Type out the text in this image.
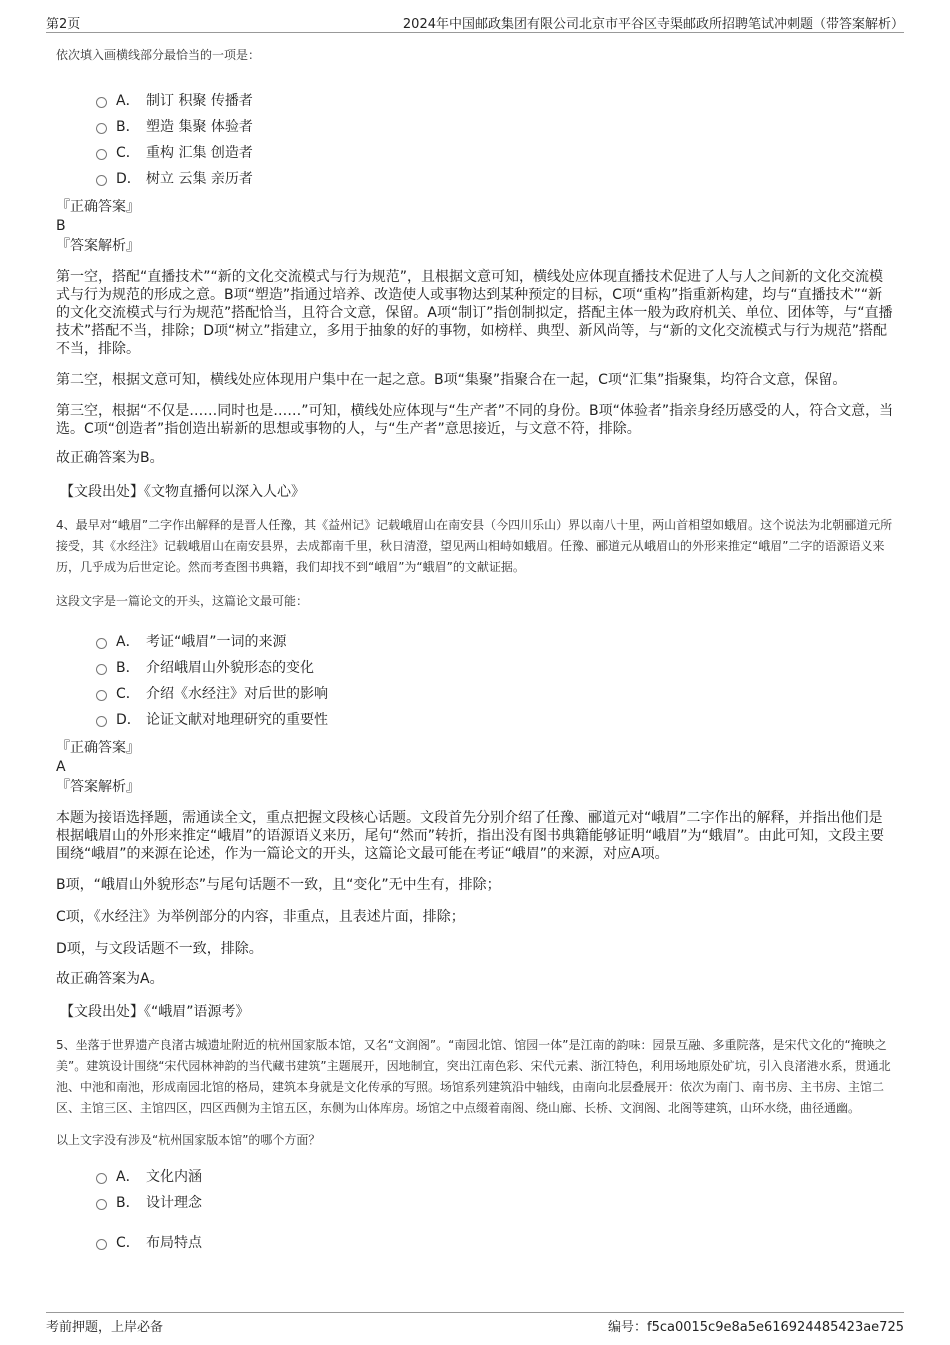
第2页	2024年中国邮政集团有限公司北京市平谷区寺渠邮政所招聘笔试冲刺题（带答案解析）

依次填入画横线部分最恰当的一项是：

A． 制订 积聚 传播者
B． 塑造 集聚 体验者
C． 重构 汇集 创造者
D． 树立 云集 亲历者

『正确答案』

B

『答案解析』

第一空，搭配“直播技术”“新的文化交流模式与行为规范”，且根据文意可知，横线处应体现直播技术促进了人与人之间新的文化交流模式与行为规范的形成之意。B项“塑造”指通过培养、改造使人或事物达到某种预定的目标，C项“重构”指重新构建，均与“直播技术”“新的文化交流模式与行为规范”搭配恰当，且符合文意，保留。A项“制订”指创制拟定，搭配主体一般为政府机关、单位、团体等，与“直播技术”搭配不当，排除；D项“树立”指建立，多用于抽象的好的事物，如榜样、典型、新风尚等，与“新的文化交流模式与行为规范”搭配不当，排除。

第二空，根据文意可知，横线处应体现用户集中在一起之意。B项“集聚”指聚合在一起，C项“汇集”指聚集，均符合文意，保留。

第三空，根据“不仅是……同时也是……”可知，横线处应体现与“生产者”不同的身份。B项“体验者”指亲身经历感受的人，符合文意，当选。C项“创造者”指创造出崭新的思想或事物的人，与“生产者”意思接近，与文意不符，排除。

故正确答案为B。

【文段出处】《文物直播何以深入人心》

4、最早对“峨眉”二字作出解释的是晋人任豫，其《益州记》记载峨眉山在南安县（今四川乐山）界以南八十里，两山首相望如蛾眉。这个说法为北朝郦道元所接受，其《水经注》记载峨眉山在南安县界，去成都南千里，秋日清澄，望见两山相峙如蛾眉。任豫、郦道元从峨眉山的外形来推定“峨眉”二字的语源语义来历，几乎成为后世定论。然而考查图书典籍，我们却找不到“峨眉”为“蛾眉”的文献证据。

这段文字是一篇论文的开头，这篇论文最可能：

A． 考证“峨眉”一词的来源
B． 介绍峨眉山外貌形态的变化
C． 介绍《水经注》对后世的影响
D． 论证文献对地理研究的重要性

『正确答案』

A

『答案解析』

本题为接语选择题，需通读全文，重点把握文段核心话题。文段首先分别介绍了任豫、郦道元对“峨眉”二字作出的解释，并指出他们是根据峨眉山的外形来推定“峨眉”的语源语义来历，尾句“然而”转折，指出没有图书典籍能够证明“峨眉”为“蛾眉”。由此可知，文段主要围绕“峨眉”的来源在论述，作为一篇论文的开头，这篇论文最可能在考证“峨眉”的来源，对应A项。

B项，“峨眉山外貌形态”与尾句话题不一致，且“变化”无中生有，排除；

C项，《水经注》为举例部分的内容，非重点，且表述片面，排除；

D项，与文段话题不一致，排除。

故正确答案为A。

【文段出处】《“峨眉”语源考》

5、坐落于世界遗产良渚古城遗址附近的杭州国家版本馆，又名“文润阁”。“南园北馆、馆园一体”是江南的韵味：园景互融、多重院落，是宋代文化的“掩映之美”。建筑设计围绕“宋代园林神韵的当代藏书建筑”主题展开，因地制宜，突出江南色彩、宋代元素、浙江特色，利用场地原处矿坑，引入良渚港水系，贯通北池、中池和南池，形成南园北馆的格局，建筑本身就是文化传承的写照。场馆系列建筑沿中轴线，由南向北层叠展开：依次为南门、南书房、主书房、主馆二区、主馆三区、主馆四区，四区西侧为主馆五区，东侧为山体库房。场馆之中点缀着南阁、绕山廊、长桥、文润阁、北阁等建筑，山环水绕，曲径通幽。

以上文字没有涉及“杭州国家版本馆”的哪个方面？

A． 文化内涵
B． 设计理念
C． 布局特点
考前押题，上岸必备	编号：f5ca0015c9e8a5e616924485423ae725
